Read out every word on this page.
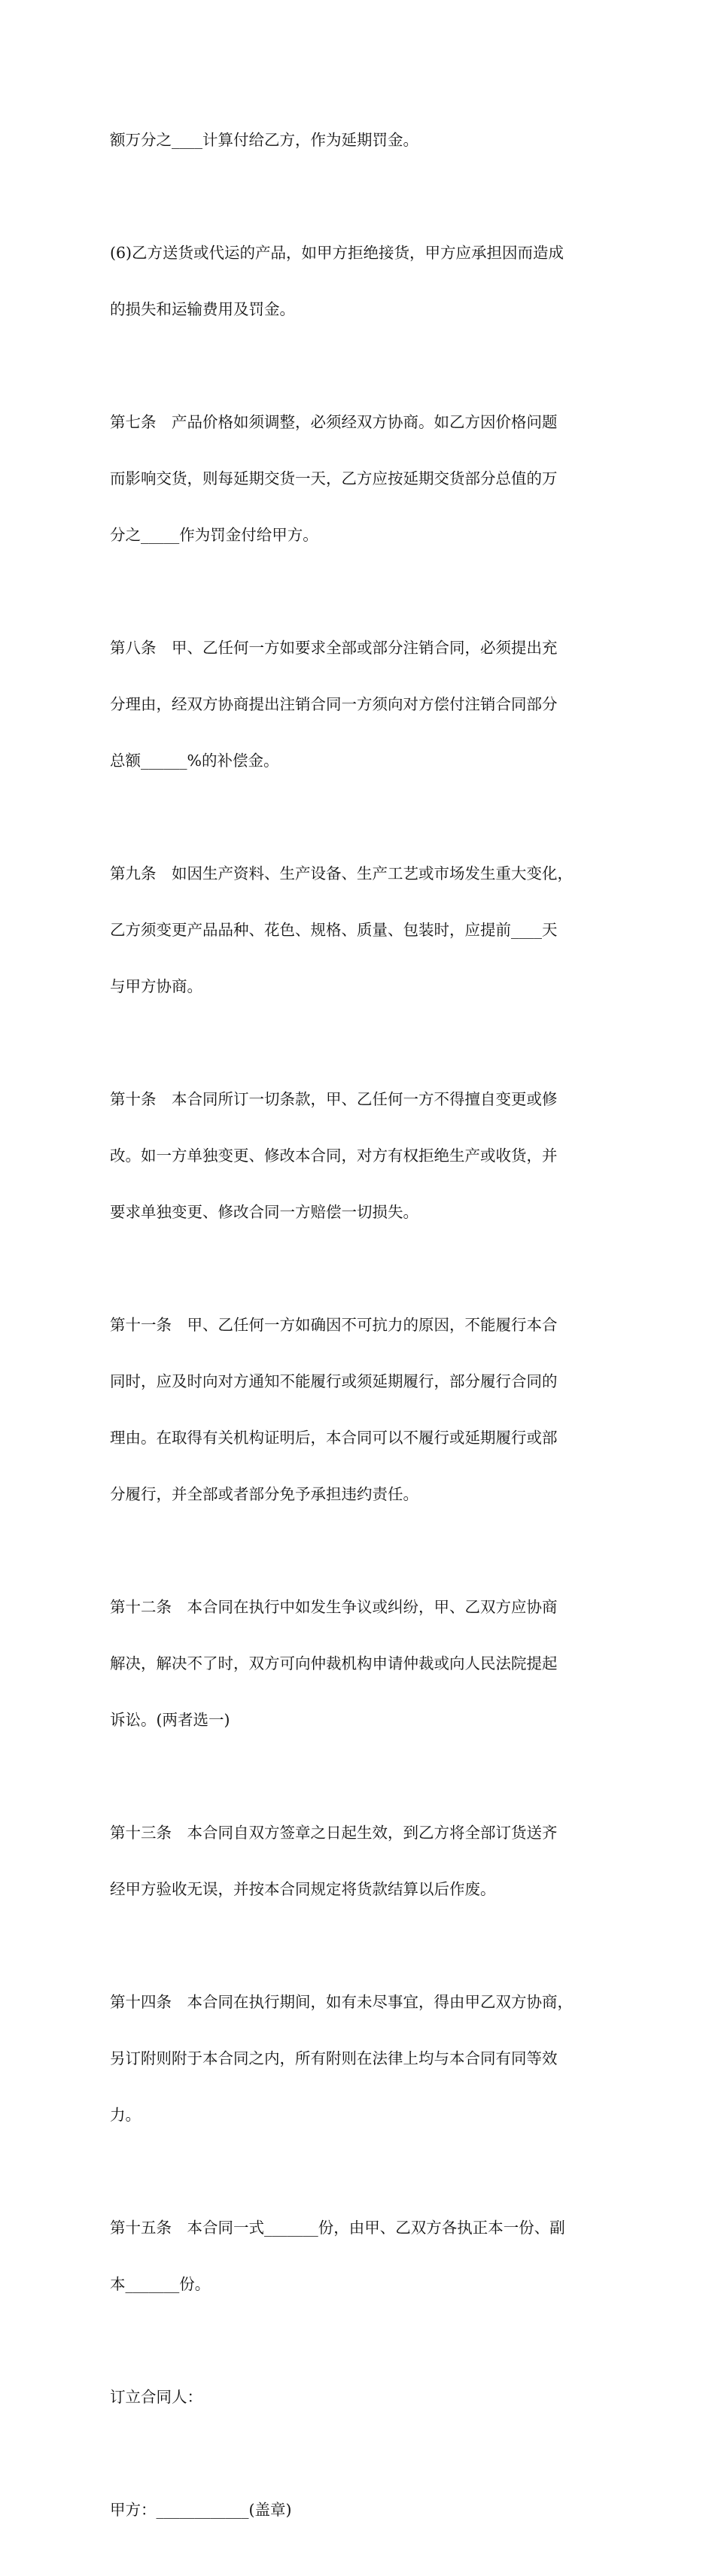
额万分之____计算付给乙方，作为延期罚金。

(6)乙方送货或代运的产品，如甲方拒绝接货，甲方应承担因而造成

的损失和运输费用及罚金。

第七条　产品价格如须调整，必须经双方协商。如乙方因价格问题

而影响交货，则每延期交货一天，乙方应按延期交货部分总值的万

分之_____作为罚金付给甲方。

第八条　甲、乙任何一方如要求全部或部分注销合同，必须提出充

分理由，经双方协商提出注销合同一方须向对方偿付注销合同部分

总额______%的补偿金。

第九条　如因生产资料、生产设备、生产工艺或市场发生重大变化，

乙方须变更产品品种、花色、规格、质量、包装时，应提前____天

与甲方协商。

第十条　本合同所订一切条款，甲、乙任何一方不得擅自变更或修

改。如一方单独变更、修改本合同，对方有权拒绝生产或收货，并

要求单独变更、修改合同一方赔偿一切损失。

第十一条　甲、乙任何一方如确因不可抗力的原因，不能履行本合

同时，应及时向对方通知不能履行或须延期履行，部分履行合同的

理由。在取得有关机构证明后，本合同可以不履行或延期履行或部

分履行，并全部或者部分免予承担违约责任。

第十二条　本合同在执行中如发生争议或纠纷，甲、乙双方应协商

解决，解决不了时，双方可向仲裁机构申请仲裁或向人民法院提起

诉讼。(两者选一)

第十三条　本合同自双方签章之日起生效，到乙方将全部订货送齐

经甲方验收无误，并按本合同规定将货款结算以后作废。

第十四条　本合同在执行期间，如有未尽事宜，得由甲乙双方协商，

另订附则附于本合同之内，所有附则在法律上均与本合同有同等效

力。

第十五条　本合同一式_______份，由甲、乙双方各执正本一份、副

本_______份。

订立合同人：

甲方：____________(盖章)
